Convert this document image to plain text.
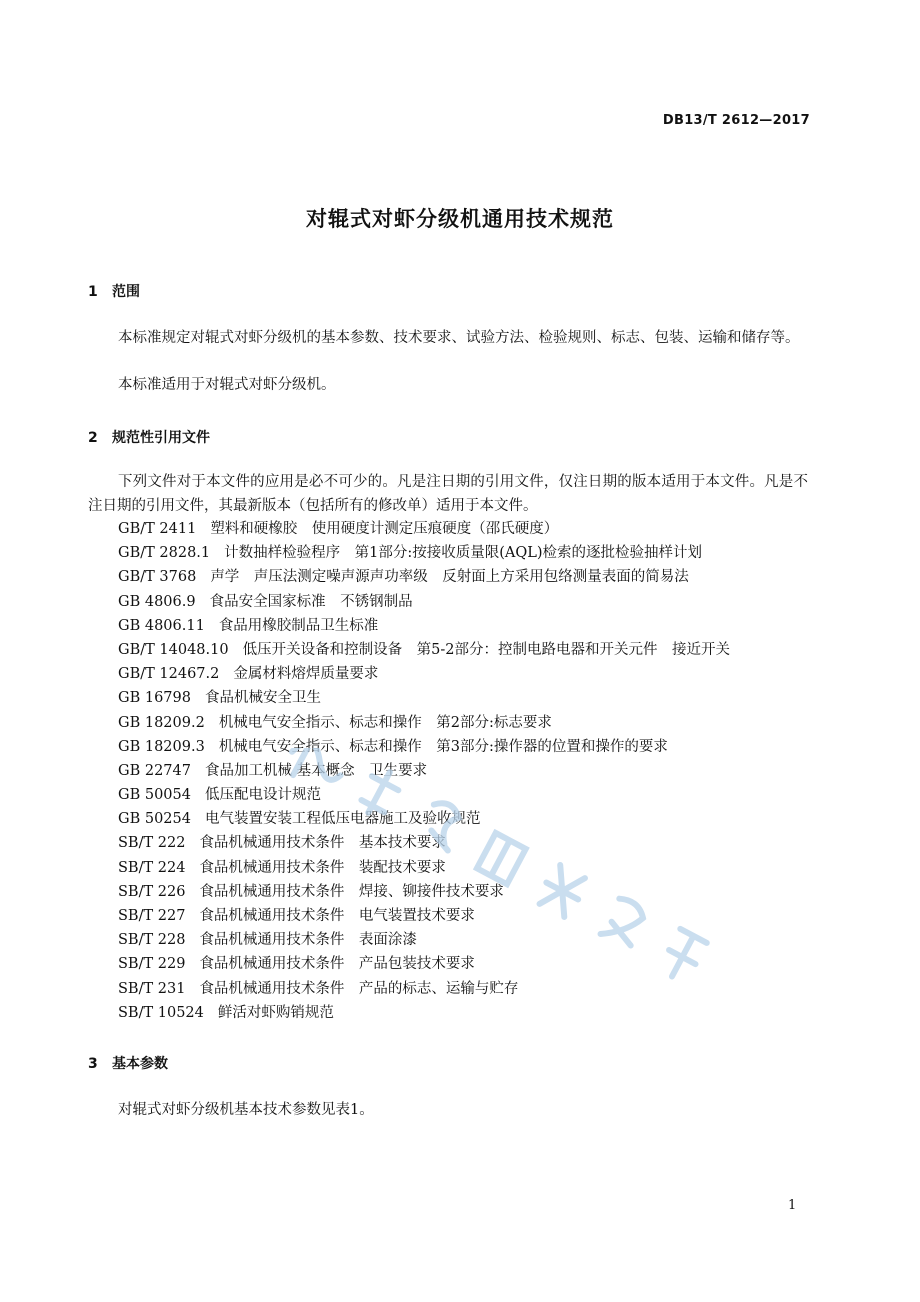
DB13/T 2612—2017
对辊式对虾分级机通用技术规范
1 范围
本标准规定对辊式对虾分级机的基本参数、技术要求、试验方法、检验规则、标志、包装、运输和储存等。
本标准适用于对辊式对虾分级机。
2 规范性引用文件
下列文件对于本文件的应用是必不可少的。凡是注日期的引用文件，仅注日期的版本适用于本文件。凡是不注日期的引用文件，其最新版本（包括所有的修改单）适用于本文件。
GB/T 2411 塑料和硬橡胶　使用硬度计测定压痕硬度（邵氏硬度）
GB/T 2828.1 计数抽样检验程序　第1部分:按接收质量限(AQL)检索的逐批检验抽样计划
GB/T 3768 声学　声压法测定噪声源声功率级　反射面上方采用包络测量表面的简易法
GB 4806.9 食品安全国家标准　不锈钢制品
GB 4806.11 食品用橡胶制品卫生标准
GB/T 14048.10 低压开关设备和控制设备　第5-2部分：控制电路电器和开关元件　接近开关
GB/T 12467.2 金属材料熔焊质量要求
GB 16798 食品机械安全卫生
GB 18209.2 机械电气安全指示、标志和操作　第2部分:标志要求
GB 18209.3 机械电气安全指示、标志和操作　第3部分:操作器的位置和操作的要求
GB 22747 食品加工机械 基本概念　卫生要求
GB 50054 低压配电设计规范
GB 50254 电气装置安装工程低压电器施工及验收规范
SB/T 222 食品机械通用技术条件　基本技术要求
SB/T 224 食品机械通用技术条件　装配技术要求
SB/T 226 食品机械通用技术条件　焊接、铆接件技术要求
SB/T 227 食品机械通用技术条件　电气装置技术要求
SB/T 228 食品机械通用技术条件　表面涂漆
SB/T 229 食品机械通用技术条件　产品包装技术要求
SB/T 231 食品机械通用技术条件　产品的标志、运输与贮存
SB/T 10524 鲜活对虾购销规范
3 基本参数
对辊式对虾分级机基本技术参数见表1。
1
